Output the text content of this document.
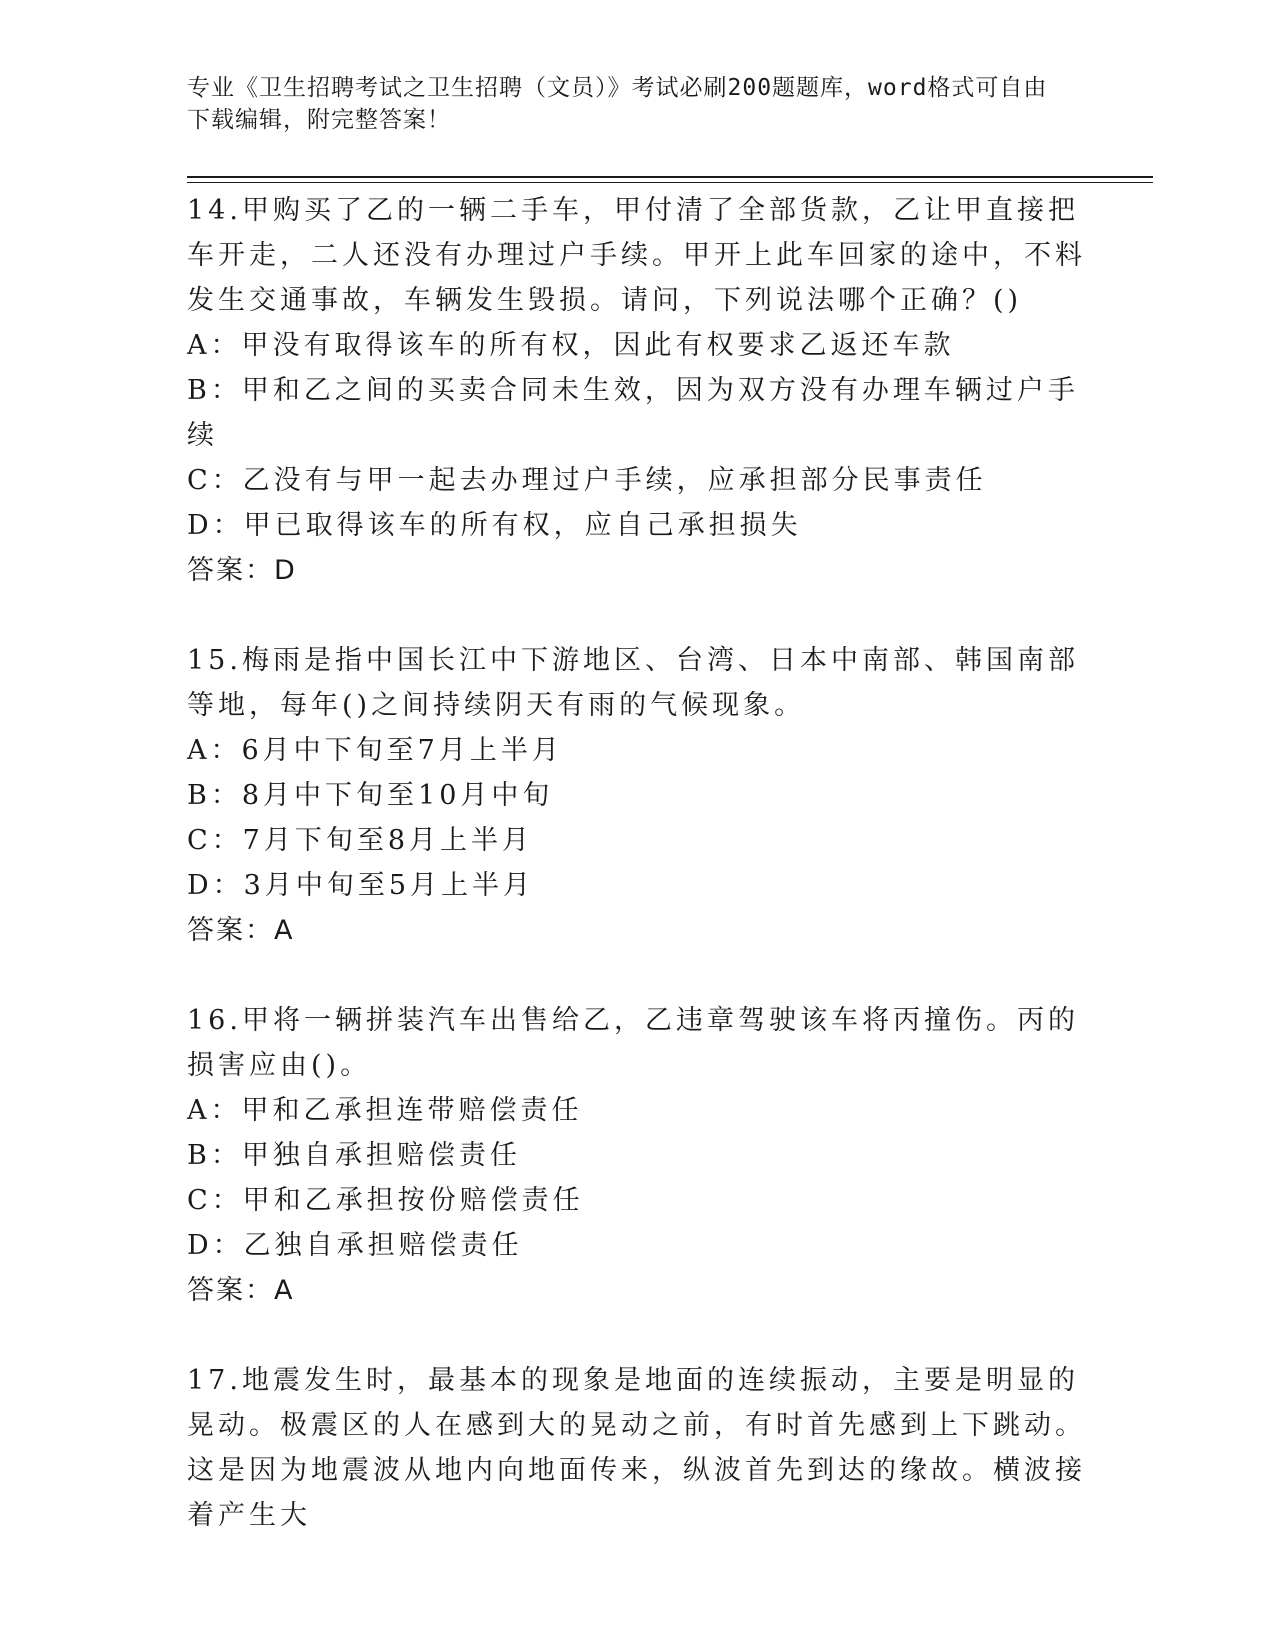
专业《卫生招聘考试之卫生招聘（文员）》考试必刷200题题库，word格式可自由下载编辑，附完整答案！

14.甲购买了乙的一辆二手车，甲付清了全部货款，乙让甲直接把车开走，二人还没有办理过户手续。甲开上此车回家的途中，不料发生交通事故，车辆发生毁损。请问，下列说法哪个正确？()

A：甲没有取得该车的所有权，因此有权要求乙返还车款

B：甲和乙之间的买卖合同未生效，因为双方没有办理车辆过户手续

C：乙没有与甲一起去办理过户手续，应承担部分民事责任

D：甲已取得该车的所有权，应自己承担损失

答案：D

15.梅雨是指中国长江中下游地区、台湾、日本中南部、韩国南部等地，每年()之间持续阴天有雨的气候现象。

A：6月中下旬至7月上半月

B：8月中下旬至10月中旬

C：7月下旬至8月上半月

D：3月中旬至5月上半月

答案：A

16.甲将一辆拼装汽车出售给乙，乙违章驾驶该车将丙撞伤。丙的损害应由()。

A：甲和乙承担连带赔偿责任

B：甲独自承担赔偿责任

C：甲和乙承担按份赔偿责任

D：乙独自承担赔偿责任

答案：A

17.地震发生时，最基本的现象是地面的连续振动，主要是明显的晃动。极震区的人在感到大的晃动之前，有时首先感到上下跳动。这是因为地震波从地内向地面传来，纵波首先到达的缘故。横波接着产生大
